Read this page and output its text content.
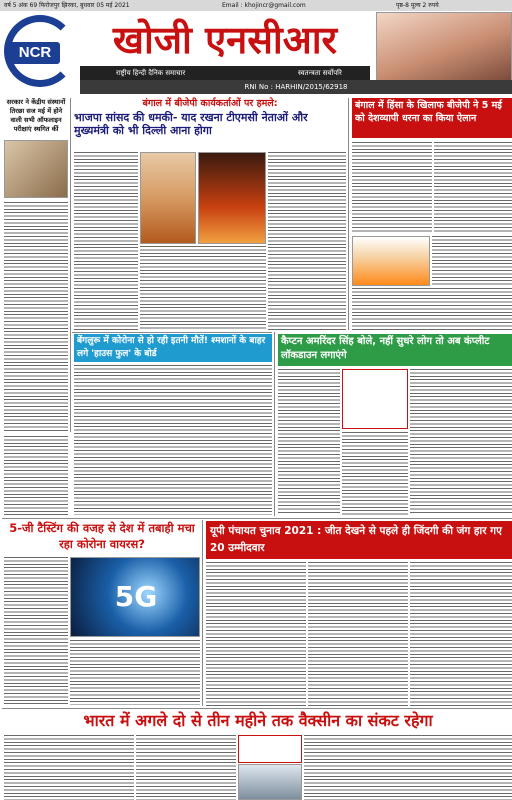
वर्ष 5 अंक 69 फिरोजपुर झिरका, बुधवार 05 मई 2021	Email : khojincr@gmail.com	पृष्ठ-8 मूल्य 2 रुपये
NCR	खोजी एनसीआर
राष्ट्रीय हिन्दी दैनिक समाचार	स्वतन्त्रता सर्वोपरि
RNI No : HARHIN/2015/62918
सरकार ने केंद्रीय संस्थानों तिरछा सज मई में होने वाली सभी ऑफलाइन परीक्षाएं स्थगित कीं
बंगाल में बीजेपी कार्यकर्ताओं पर हमले:
भाजपा सांसद की धमकी- याद रखना टीएमसी नेताओं और मुख्यमंत्री को भी दिल्ली आना होगा
बंगाल में हिंसा के खिलाफ बीजेपी ने 5 मई को देशव्यापी धरना का किया ऐलान
बेंगलुरू में कोरोना से हो रही इतनी मौतें! श्मशानों के बाहर लगे 'हाउस फुल' के बोर्ड
कैप्टन अमरिंदर सिंह बोले, नहीं सुधरे लोग तो अब कंप्लीट लॉकडाउन लगाएंगे
5-जी टैस्टिंग की वजह से देश में तबाही मचा रहा कोरोना वायरस?
5G
यूपी पंचायत चुनाव 2021 : जीत देखने से पहले ही जिंदगी की जंग हार गए 20 उम्मीदवार
भारत में अगले दो से तीन महीने तक वैक्सीन का संकट रहेगा
